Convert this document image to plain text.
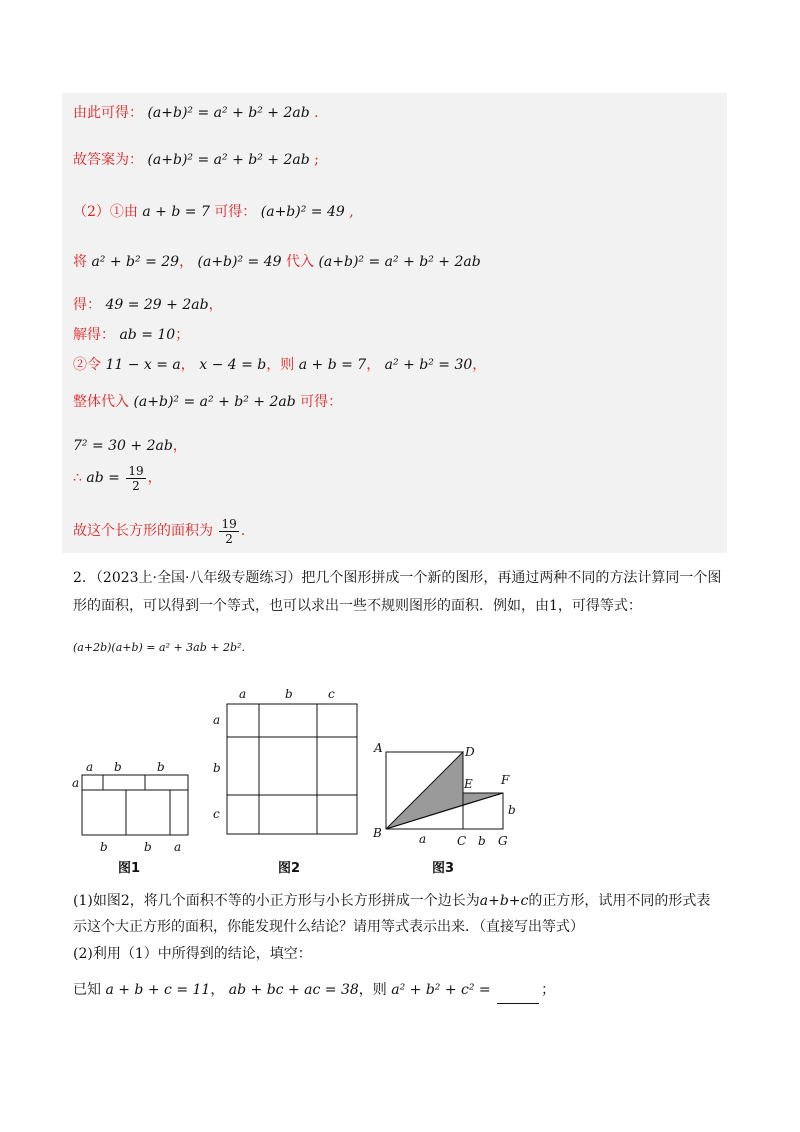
由此可得： (a+b)² = a² + b² + 2ab .
故答案为： (a+b)² = a² + b² + 2ab ;
（2）①由 a + b = 7 可得： (a+b)² = 49 ,
将 a² + b² = 29， (a+b)² = 49 代入 (a+b)² = a² + b² + 2ab
得： 49 = 29 + 2ab，
解得： ab = 10；
②令 11 − x = a， x − 4 = b，则 a + b = 7， a² + b² = 30，
整体代入 (a+b)² = a² + b² + 2ab 可得：
7² = 30 + 2ab，
∴ ab = $\frac{19}{2}$ ，
故这个长方形的面积为 $\frac{19}{2}$ .
2．（2023上·全国·八年级专题练习）把几个图形拼成一个新的图形，再通过两种不同的方法计算同一个图
形的面积，可以得到一个等式，也可以求出一些不规则图形的面积．例如，由1，可得等式：
(a+2b)(a+b) = a² + 3ab + 2b².
a b	b
a
b	b a
a	b	c
a
b
c
A	D
E F
B
C	G
a	b
b
图1	图2	图3
(1)如图2，将几个面积不等的小正方形与小长方形拼成一个边长为a+b+c的正方形，试用不同的形式表
示这个大正方形的面积，你能发现什么结论？请用等式表示出来．（直接写出等式）
(2)利用（1）中所得到的结论，填空：
已知 a + b + c = 11， ab + bc + ac = 38，则 a² + b² + c² =	；
